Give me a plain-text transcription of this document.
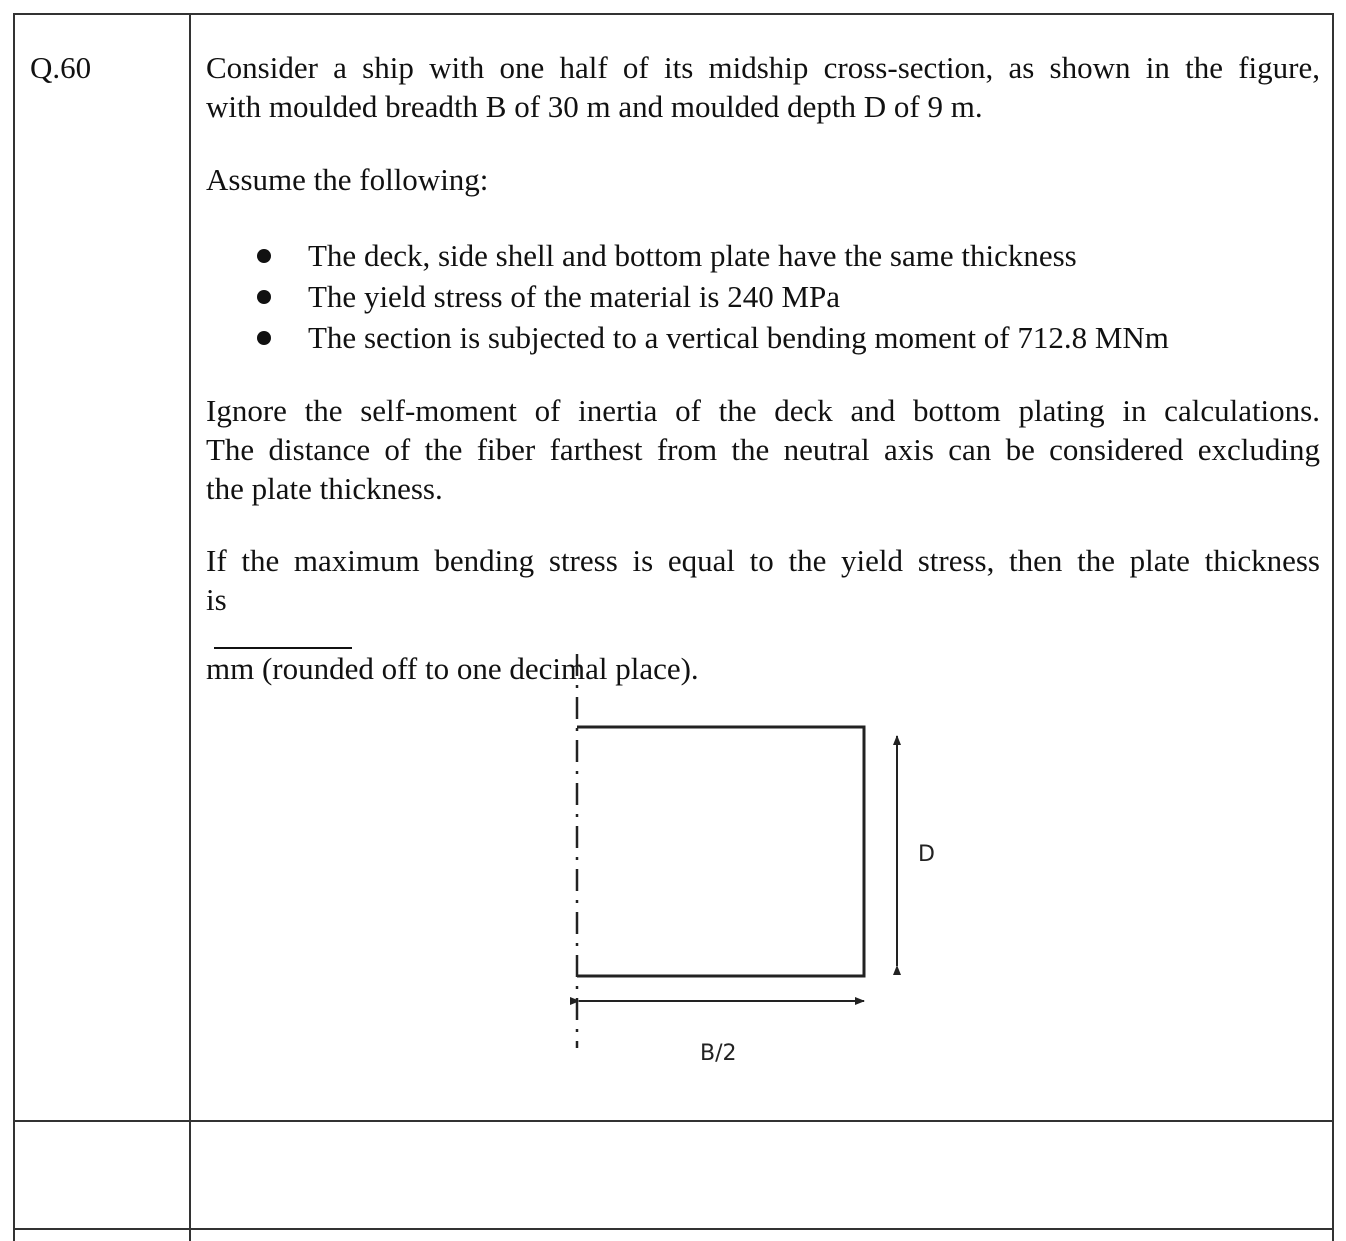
Q.60	Consider a ship with one half of its midship cross-section, as shown in the figure,
with moulded breadth B of 30 m and moulded depth D of 9 m.

Assume the following:

The deck, side shell and bottom plate have the same thickness
The yield stress of the material is 240 MPa
The section is subjected to a vertical bending moment of 712.8 MNm

Ignore the self-moment of inertia of the deck and bottom plating in calculations.
The distance of the fiber farthest from the neutral axis can be considered excluding
the plate thickness.

If the maximum bending stress is equal to the yield stress, then the plate thickness
is
mm (rounded off to one decimal place).

D
B/2
